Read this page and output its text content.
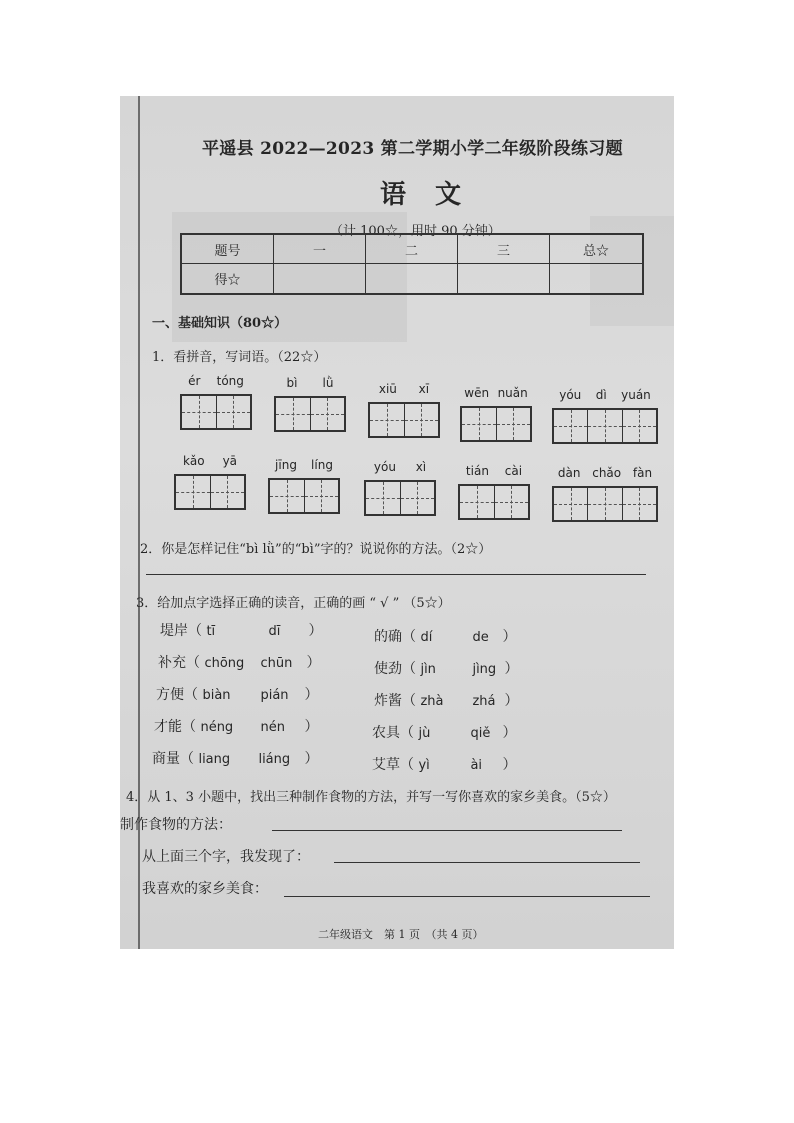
平遥县 2022—2023 第二学期小学二年级阶段练习题
语 文
（计 100☆，用时 90 分钟）
题号	一	二	三	总☆
得☆
一、基础知识（80☆）
1．看拼音，写词语。（22☆）
ér tóng	bì lǜ	xiū xī	wēn nuǎn	yóu dì yuán
kǎo yā	jīng líng	yóu xì	tián cài	dàn chǎo fàn
2．你是怎样记住“bì lǜ”的“bì”字的？说说你的方法。（2☆）
3．给加点字选择正确的读音，正确的画 “ √ ” （5☆）
堤岸（ tī	dī ）
补充（ chōng chūn ）
方便（ biàn pián ）
才能（ néng nén ）
商量（ liang liáng ）
的确（ dí	de ）
使劲（ jìn	jìng ）
炸酱（ zhà zhá ）
农具（ jù	qiě ）
艾草（ yì	ài ）
4．从 1、3 小题中，找出三种制作食物的方法，并写一写你喜欢的家乡美食。（5☆）
制作食物的方法：
从上面三个字，我发现了：
我喜欢的家乡美食：
二年级语文　第 1 页　（共 4 页）
